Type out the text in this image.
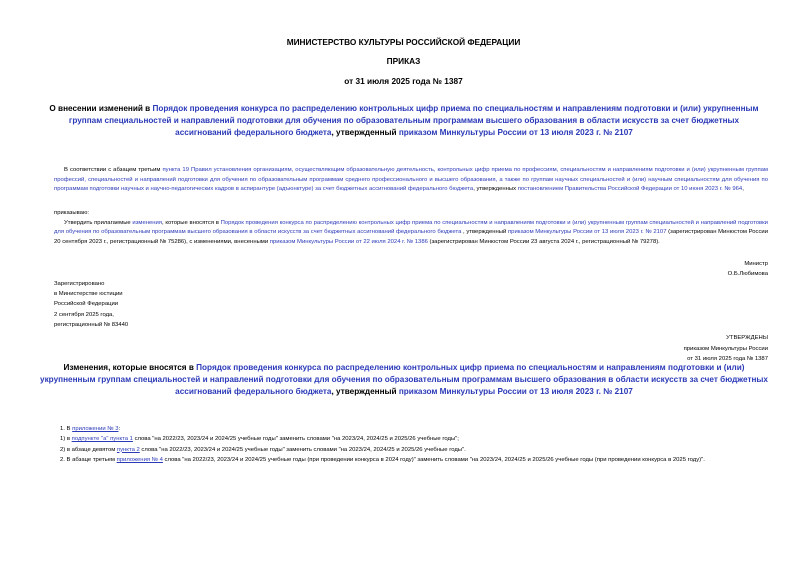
МИНИСТЕРСТВО КУЛЬТУРЫ РОССИЙСКОЙ ФЕДЕРАЦИИ
ПРИКАЗ
от 31 июля 2025 года № 1387
О внесении изменений в Порядок проведения конкурса по распределению контрольных цифр приема по специальностям и направлениям подготовки и (или) укрупненным группам специальностей и направлений подготовки для обучения по образовательным программам высшего образования в области искусств за счет бюджетных ассигнований федерального бюджета, утвержденный приказом Минкультуры России от 13 июля 2023 г. № 2107
В соответствии с абзацем третьим пункта 19 Правил установления организациям, осуществляющим образовательную деятельность, контрольных цифр приема по профессиям, специальностям и направлениям подготовки и (или) укрупненным группам профессий, специальностей и направлений подготовки для обучения по образовательным программам среднего профессионального и высшего образования, а также по группам научных специальностей и (или) научным специальностям для обучения по программам подготовки научных и научно-педагогических кадров в аспирантуре (адъюнктуре) за счет бюджетных ассигнований федерального бюджета, утвержденных постановлением Правительства Российской Федерации от 10 июня 2023 г. № 964,
приказываю:
Утвердить прилагаемые изменения, которые вносятся в Порядок проведения конкурса по распределению контрольных цифр приема по специальностям и направлениям подготовки и (или) укрупненным группам специальностей и направлений подготовки для обучения по образовательным программам высшего образования в области искусств за счет бюджетных ассигнований федерального бюджета , утвержденный приказом Минкультуры России от 13 июля 2023 г. № 2107 (зарегистрирован Минюстом России 20 сентября 2023 г., регистрационный № 75286), с изменениями, внесенными приказом Минкультуры России от 22 июля 2024 г. № 1386 (зарегистрирован Минюстом России 23 августа 2024 г., регистрационный № 79278).
Министр
О.Б.Любимова
Зарегистрировано
в Министерстве юстиции
Российской Федерации
2 сентября 2025 года,
регистрационный № 83440
УТВЕРЖДЕНЫ
приказом Минкультуры России
от 31 июля 2025 года № 1387
Изменения, которые вносятся в Порядок проведения конкурса по распределению контрольных цифр приема по специальностям и направлениям подготовки и (или) укрупненным группам специальностей и направлений подготовки для обучения по образовательным программам высшего образования в области искусств за счет бюджетных ассигнований федерального бюджета, утвержденный приказом Минкультуры России от 13 июля 2023 г. № 2107
1. В приложении № 3:
1) в подпункте "а" пункта 1 слова "на 2022/23, 2023/24 и 2024/25 учебные годы" заменить словами "на 2023/24, 2024/25 и 2025/26 учебные годы";
2) в абзаце девятом пункта 2 слова "на 2022/23, 2023/24 и 2024/25 учебные годы" заменить словами "на 2023/24, 2024/25 и 2025/26 учебные годы".
2. В абзаце третьем приложения № 4 слова "на 2022/23, 2023/24 и 2024/25 учебные годы (при проведении конкурса в 2024 году)" заменить словами "на 2023/24, 2024/25 и 2025/26 учебные годы (при проведении конкурса в 2025 году)".
